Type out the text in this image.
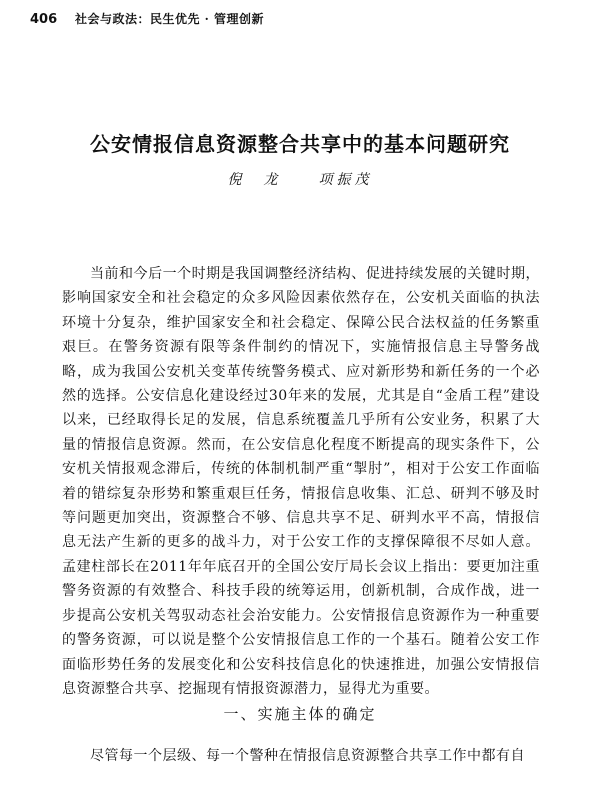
406 社会与政法：民生优先 · 管理创新
公安情报信息资源整合共享中的基本问题研究
倪　龙	项振茂

当前和今后一个时期是我国调整经济结构、促进持续发展的关键时期，影响国家安全和社会稳定的众多风险因素依然存在，公安机关面临的执法环境十分复杂，维护国家安全和社会稳定、保障公民合法权益的任务繁重艰巨。在警务资源有限等条件制约的情况下，实施情报信息主导警务战略，成为我国公安机关变革传统警务模式、应对新形势和新任务的一个必然的选择。公安信息化建设经过30年来的发展，尤其是自“金盾工程”建设以来，已经取得长足的发展，信息系统覆盖几乎所有公安业务，积累了大量的情报信息资源。然而，在公安信息化程度不断提高的现实条件下，公安机关情报观念滞后，传统的体制机制严重“掣肘”，相对于公安工作面临着的错综复杂形势和繁重艰巨任务，情报信息收集、汇总、研判不够及时等问题更加突出，资源整合不够、信息共享不足、研判水平不高，情报信息无法产生新的更多的战斗力，对于公安工作的支撑保障很不尽如人意。孟建柱部长在2011年年底召开的全国公安厅局长会议上指出：要更加注重警务资源的有效整合、科技手段的统筹运用，创新机制，合成作战，进一步提高公安机关驾驭动态社会治安能力。公安情报信息资源作为一种重要的警务资源，可以说是整个公安情报信息工作的一个基石。随着公安工作面临形势任务的发展变化和公安科技信息化的快速推进，加强公安情报信息资源整合共享、挖掘现有情报资源潜力，显得尤为重要。

一、实施主体的确定

尽管每一个层级、每一个警种在情报信息资源整合共享工作中都有自
